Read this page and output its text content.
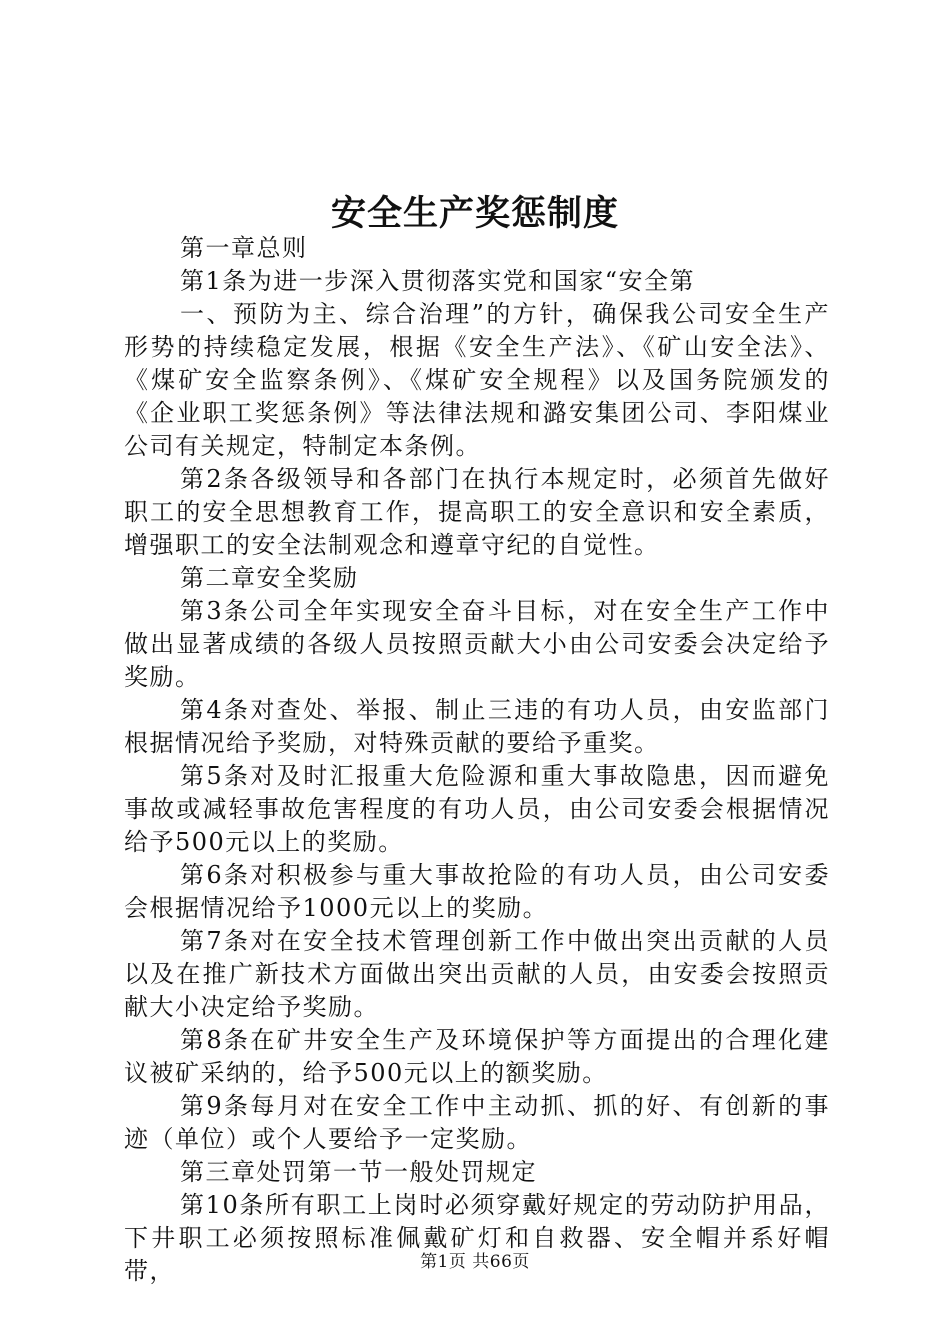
安全生产奖惩制度

第一章总则

第1条为进一步深入贯彻落实党和国家“安全第

一、预防为主、综合治理”的方针，确保我公司安全生产形势的持续稳定发展，根据《安全生产法》、《矿山安全法》、《煤矿安全监察条例》、《煤矿安全规程》以及国务院颁发的《企业职工奖惩条例》等法律法规和潞安集团公司、李阳煤业公司有关规定，特制定本条例。

第2条各级领导和各部门在执行本规定时，必须首先做好职工的安全思想教育工作，提高职工的安全意识和安全素质，增强职工的安全法制观念和遵章守纪的自觉性。

第二章安全奖励

第3条公司全年实现安全奋斗目标，对在安全生产工作中做出显著成绩的各级人员按照贡献大小由公司安委会决定给予奖励。

第4条对查处、举报、制止三违的有功人员，由安监部门根据情况给予奖励，对特殊贡献的要给予重奖。

第5条对及时汇报重大危险源和重大事故隐患，因而避免事故或减轻事故危害程度的有功人员，由公司安委会根据情况给予500元以上的奖励。

第6条对积极参与重大事故抢险的有功人员，由公司安委会根据情况给予1000元以上的奖励。

第7条对在安全技术管理创新工作中做出突出贡献的人员以及在推广新技术方面做出突出贡献的人员，由安委会按照贡献大小决定给予奖励。

第8条在矿井安全生产及环境保护等方面提出的合理化建议被矿采纳的，给予500元以上的额奖励。

第9条每月对在安全工作中主动抓、抓的好、有创新的事迹（单位）或个人要给予一定奖励。

第三章处罚第一节一般处罚规定

第10条所有职工上岗时必须穿戴好规定的劳动防护用品，下井职工必须按照标准佩戴矿灯和自救器、安全帽并系好帽带，	第1页 共66页
